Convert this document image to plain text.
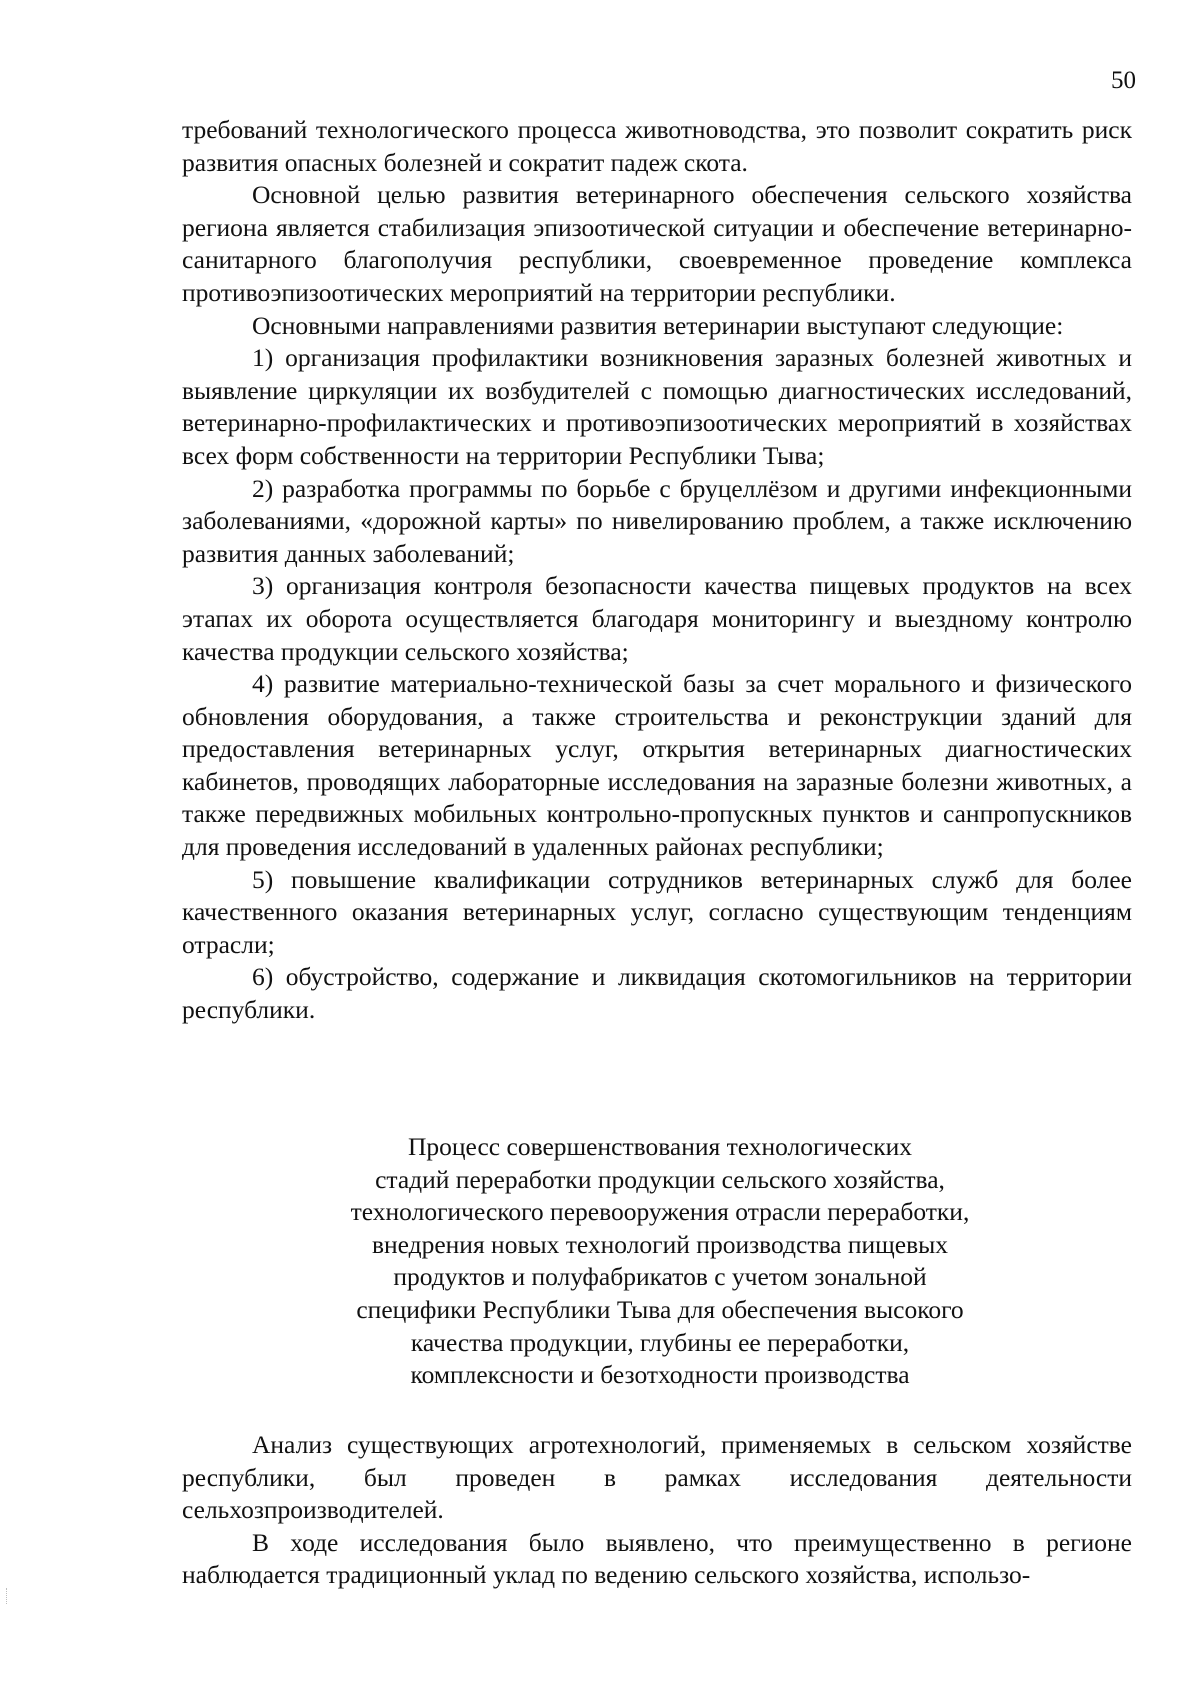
50

требований технологического процесса животноводства, это позволит сократить риск развития опасных болезней и сократит падеж скота.

Основной целью развития ветеринарного обеспечения сельского хозяйства региона является стабилизация эпизоотической ситуации и обеспечение ветеринарно-санитарного благополучия республики, своевременное проведение комплекса противоэпизоотических мероприятий на территории республики.

Основными направлениями развития ветеринарии выступают следующие:

1) организация профилактики возникновения заразных болезней животных и выявление циркуляции их возбудителей с помощью диагностических исследований, ветеринарно-профилактических и противоэпизоотических мероприятий в хозяйствах всех форм собственности на территории Республики Тыва;

2) разработка программы по борьбе с бруцеллёзом и другими инфекционными заболеваниями, «дорожной карты» по нивелированию проблем, а также исключению развития данных заболеваний;

3) организация контроля безопасности качества пищевых продуктов на всех этапах их оборота осуществляется благодаря мониторингу и выездному контролю качества продукции сельского хозяйства;

4) развитие материально-технической базы за счет морального и физического обновления оборудования, а также строительства и реконструкции зданий для предоставления ветеринарных услуг, открытия ветеринарных диагностических кабинетов, проводящих лабораторные исследования на заразные болезни животных, а также передвижных мобильных контрольно-пропускных пунктов и санпропускников для проведения исследований в удаленных районах республики;

5) повышение квалификации сотрудников ветеринарных служб для более качественного оказания ветеринарных услуг, согласно существующим тенденциям отрасли;

6) обустройство, содержание и ликвидация скотомогильников на территории республики.

Процесс совершенствования технологических
стадий переработки продукции сельского хозяйства,
технологического перевооружения отрасли переработки,
внедрения новых технологий производства пищевых
продуктов и полуфабрикатов с учетом зональной
специфики Республики Тыва для обеспечения высокого
качества продукции, глубины ее переработки,
комплексности и безотходности производства

Анализ существующих агротехнологий, применяемых в сельском хозяйстве республики, был проведен в рамках исследования деятельности сельхозпроизводителей.

В ходе исследования было выявлено, что преимущественно в регионе наблюдается традиционный уклад по ведению сельского хозяйства, использо-
